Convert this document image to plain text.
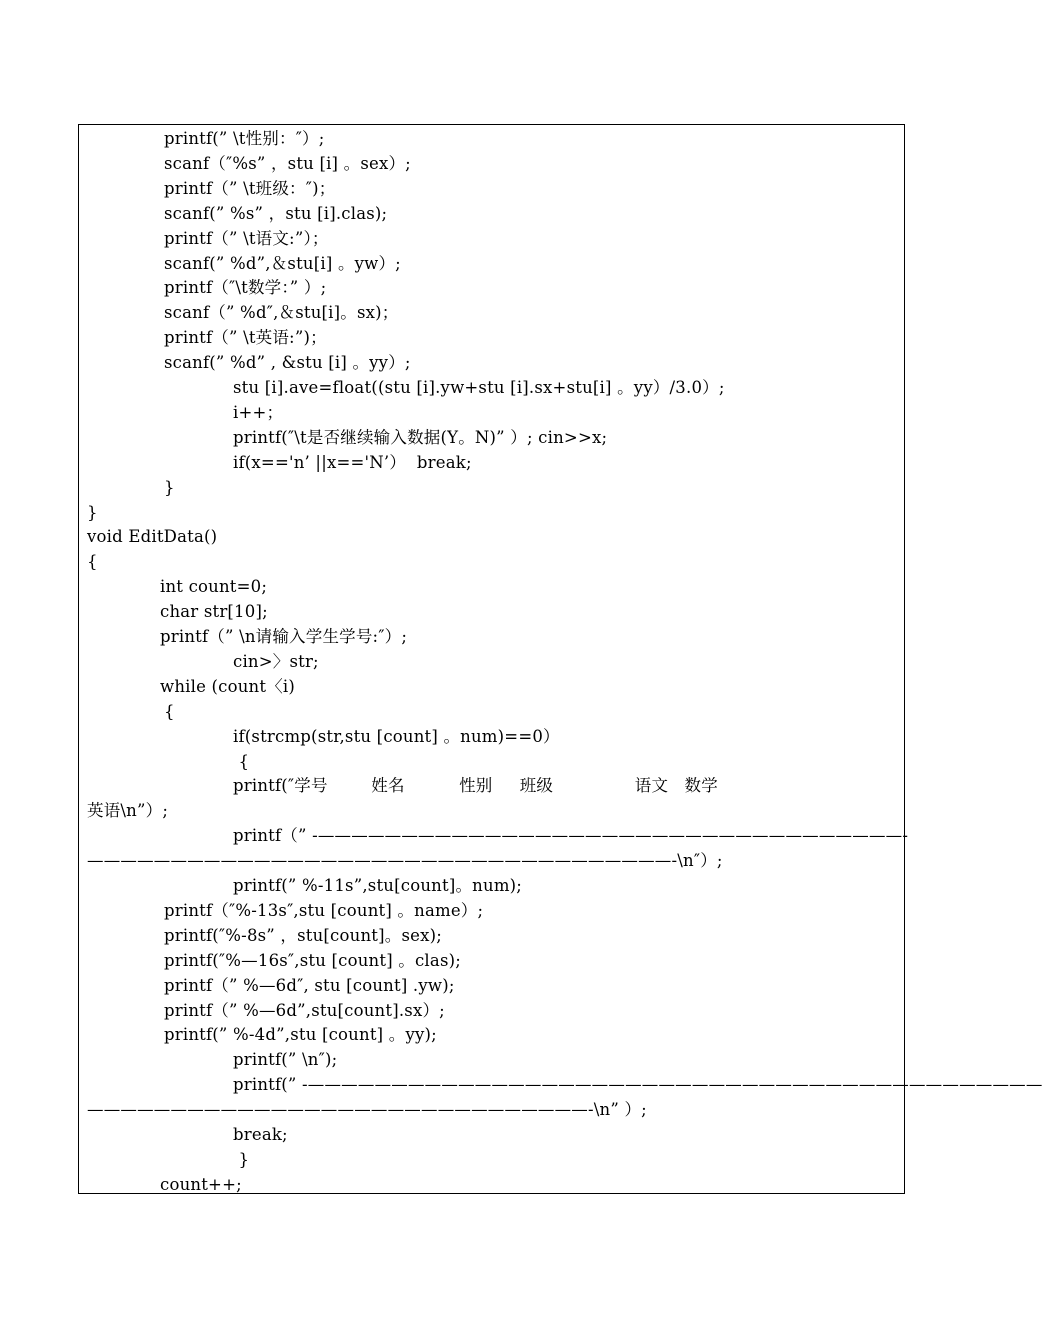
printf(” \t性别：″）;
scanf（″%s” ，stu [i] 。sex）;
printf（” \t班级：″)；
scanf(” %s” ，stu [i].clas);
printf（” \t语文:”）；
scanf(” %d”,＆stu[i] 。yw）;
printf（″\t数学：” ）;
scanf（” %d″,＆stu[i]。sx)；
printf（” \t英语:”)；
scanf(” %d” , &stu [i] 。yy）;
stu [i].ave=float((stu [i].yw+stu [i].sx+stu[i] 。yy）/3.0）;
i++；
printf(″\t是否继续输入数据(Y。N)” ）; cin>>x;
if(x=='n’ ||x=='N’）  break;
}
}
void EditData()
{
int count=0;
char str[10];
printf（” \n请输入学生学号:″）;
cin>〉str;
while (count〈i)
{
if(strcmp(str,stu [count] 。num)==0）
{
printf(″学号        姓名          性别     班级               语文   数学
英语\n”）;
printf（” -———————————————————————————————————-
———————————————————————————————————-\n″）;
printf(” %-11s”,stu[count]。num);
printf（″%-13s″,stu [count] 。name）;
printf(″%-8s” ，stu[count]。sex);
printf(″%—16s″,stu [count] 。clas);
printf（” %—6d″, stu [count] .yw);
printf（” %—6d”,stu[count].sx）;
printf(” %-4d”,stu [count] 。yy);
printf(” \n″);
printf(” -————————————————————————————————————————————
——————————————————————————————-\n” ）;
break;
}
count++;
